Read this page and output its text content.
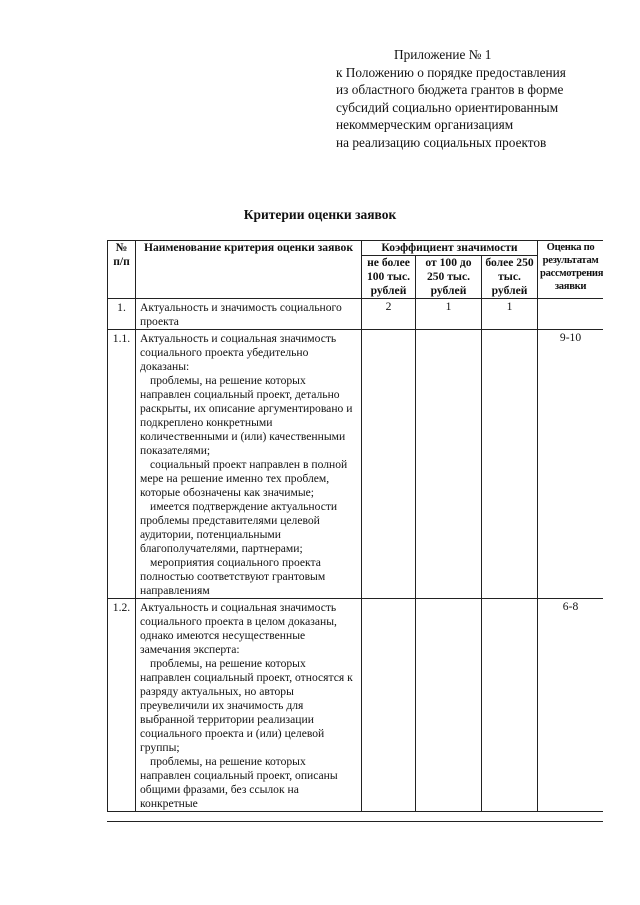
Приложение № 1
к Положению о порядке предоставления
из областного бюджета грантов в форме
субсидий социально ориентированным
некоммерческим организациям
на реализацию социальных проектов
Критерии оценки заявок
№ п/п	Наименование критерия оценки заявок	Коэффициент значимости			Оценка по результатам рассмотрения заявки
		не более 100 тыс. рублей	от 100 до 250 тыс. рублей	более 250 тыс. рублей	
1.	Актуальность и значимость социального проекта	2	1	1	
1.1.	Актуальность и социальная значимость социального проекта убедительно доказаны:
проблемы, на решение которых направлен социальный проект, детально раскрыты, их описание аргументировано и подкреплено конкретными количественными и (или) качественными показателями;
социальный проект направлен в полной мере на решение именно тех проблем, которые обозначены как значимые;
имеется подтверждение актуальности проблемы представителями целевой аудитории, потенциальными благополучателями, партнерами;
мероприятия социального проекта полностью соответствуют грантовым направлениям				9-10
1.2.	Актуальность и социальная значимость социального проекта в целом доказаны, однако имеются несущественные замечания эксперта:
проблемы, на решение которых направлен социальный проект, относятся к разряду актуальных, но авторы преувеличили их значимость для выбранной территории реализации социального проекта и (или) целевой группы;
проблемы, на решение которых направлен социальный проект, описаны общими фразами, без ссылок на конкретные				6-8
